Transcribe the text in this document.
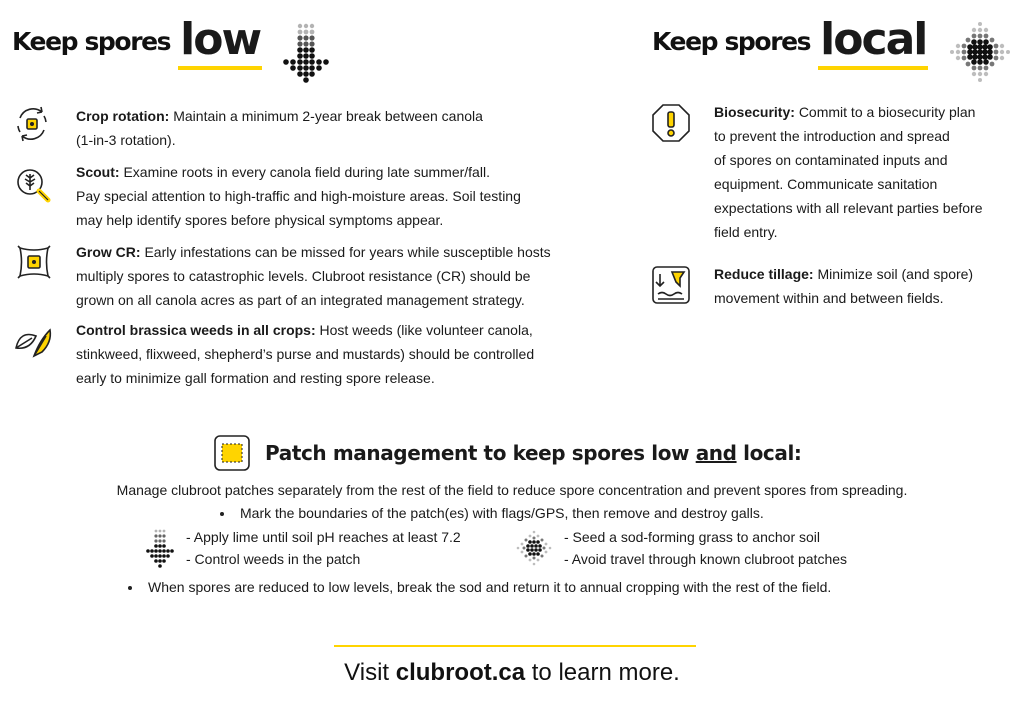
Keep spores low
Crop rotation: Maintain a minimum 2-year break between canola
(1-in-3 rotation).
Scout: Examine roots in every canola field during late summer/fall.
Pay special attention to high-traffic and high-moisture areas. Soil testing
may help identify spores before physical symptoms appear.
Grow CR: Early infestations can be missed for years while susceptible hosts
multiply spores to catastrophic levels. Clubroot resistance (CR) should be
grown on all canola acres as part of an integrated management strategy.
Control brassica weeds in all crops: Host weeds (like volunteer canola,
stinkweed, flixweed, shepherd’s purse and mustards) should be controlled
early to minimize gall formation and resting spore release.
Keep spores local
Biosecurity: Commit to a biosecurity plan
to prevent the introduction and spread
of spores on contaminated inputs and
equipment. Communicate sanitation
expectations with all relevant parties before
field entry.
Reduce tillage: Minimize soil (and spore)
movement within and between fields.
Patch management to keep spores low and local:
Manage clubroot patches separately from the rest of the field to reduce spore concentration and prevent spores from spreading.
Mark the boundaries of the patch(es) with flags/GPS, then remove and destroy galls.
- Apply lime until soil pH reaches at least 7.2
- Control weeds in the patch
- Seed a sod-forming grass to anchor soil
- Avoid travel through known clubroot patches
When spores are reduced to low levels, break the sod and return it to annual cropping with the rest of the field.
Visit clubroot.ca to learn more.
